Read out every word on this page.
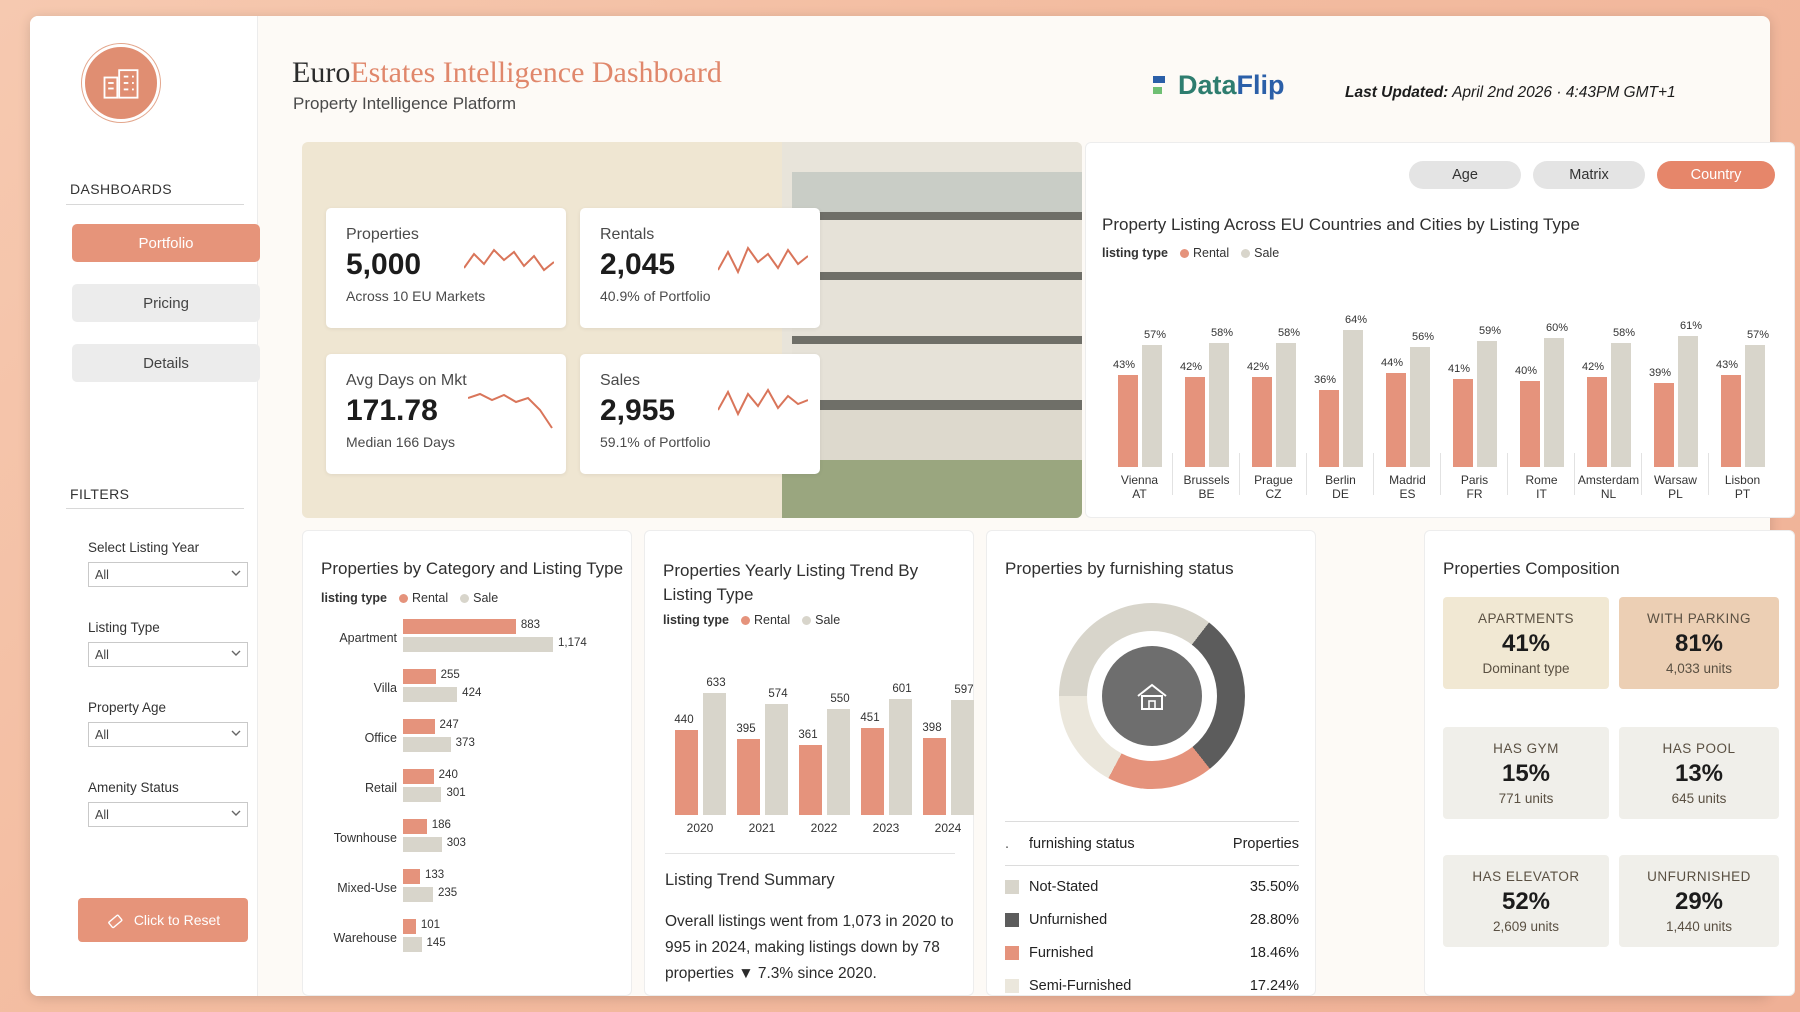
DASHBOARDS
Portfolio
Pricing
Details
FILTERS
Select Listing Year
All
Listing Type
All
Property Age
All
Amenity Status
All
Click to Reset
EuroEstates Intelligence Dashboard
Property Intelligence Platform
DataFlip	Last Updated: April 2nd 2026 · 4:43PM GMT+1
Properties
5,000
Across 10 EU Markets
Rentals
2,045
40.9% of Portfolio
Avg Days on Mkt
171.78
Median 166 Days
Sales
2,955
59.1% of Portfolio
Age	Matrix	Country
Property Listing Across EU Countries and Cities by Listing Type
listing type Rental Sale
43%
57%
Vienna
AT
42%
58%
Brussels
BE
42%
58%
Prague
CZ
36%
64%
Berlin
DE
44%
56%
Madrid
ES
41%
59%
Paris
FR
40%
60%
Rome
IT
42%
58%
Amsterdam
NL
39%
61%
Warsaw
PL
43%
57%
Lisbon
PT
Properties by Category and Listing Type
listing type Rental Sale
Apartment
883
1,174
Villa
255
424
Office
247
373
Retail
240
301
Townhouse
186
303
Mixed-Use
133
235
Warehouse
101
145
Properties Yearly Listing Trend By Listing Type
listing type Rental Sale
440
633
2020
395
574
2021
361
550
2022
451
601
2023
398
597
2024
Listing Trend Summary
Overall listings went from 1,073 in 2020 to 995 in 2024, making listings down by 78 properties ▼ 7.3% since 2020.
Properties by furnishing status
.	furnishing status	Properties
Not-Stated	35.50%
Unfurnished	28.80%
Furnished	18.46%
Semi-Furnished	17.24%
Properties Composition
APARTMENTS
41%
Dominant type
WITH PARKING
81%
4,033 units
HAS GYM
15%
771 units
HAS POOL
13%
645 units
HAS ELEVATOR
52%
2,609 units
UNFURNISHED
29%
1,440 units
